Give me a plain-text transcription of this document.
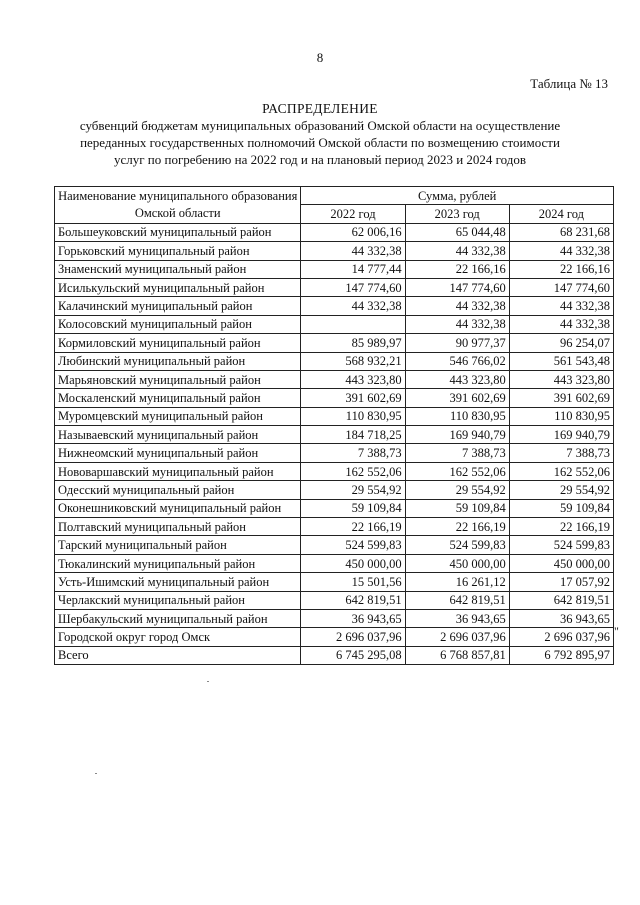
8
Таблица № 13
РАСПРЕДЕЛЕНИЕ
субвенций бюджетам муниципальных образований Омской области на осуществление переданных государственных полномочий Омской области по возмещению стоимости услуг по погребению на 2022 год и на плановый период 2023 и 2024 годов
Наименование муниципального образования Омской области	Сумма, рублей		
	2022 год	2023 год	2024 год
Большеуковский муниципальный район	62 006,16	65 044,48	68 231,68
Горьковский муниципальный район	44 332,38	44 332,38	44 332,38
Знаменский муниципальный район	14 777,44	22 166,16	22 166,16
Исилькульский муниципальный район	147 774,60	147 774,60	147 774,60
Калачинский муниципальный район	44 332,38	44 332,38	44 332,38
Колосовский муниципальный район		44 332,38	44 332,38
Кормиловский муниципальный район	85 989,97	90 977,37	96 254,07
Любинский муниципальный район	568 932,21	546 766,02	561 543,48
Марьяновский муниципальный район	443 323,80	443 323,80	443 323,80
Москаленский муниципальный район	391 602,69	391 602,69	391 602,69
Муромцевский муниципальный район	110 830,95	110 830,95	110 830,95
Называевский муниципальный район	184 718,25	169 940,79	169 940,79
Нижнеомский муниципальный район	7 388,73	7 388,73	7 388,73
Нововаршавский муниципальный район	162 552,06	162 552,06	162 552,06
Одесский муниципальный район	29 554,92	29 554,92	29 554,92
Оконешниковский муниципальный район	59 109,84	59 109,84	59 109,84
Полтавский муниципальный район	22 166,19	22 166,19	22 166,19
Тарский муниципальный район	524 599,83	524 599,83	524 599,83
Тюкалинский муниципальный район	450 000,00	450 000,00	450 000,00
Усть-Ишимский муниципальный район	15 501,56	16 261,12	17 057,92
Черлакский муниципальный район	642 819,51	642 819,51	642 819,51
Шербакульский муниципальный район	36 943,65	36 943,65	36 943,65
Городской округ город Омск	2 696 037,96	2 696 037,96	2 696 037,96
Всего	6 745 295,08	6 768 857,81	6 792 895,97
"
